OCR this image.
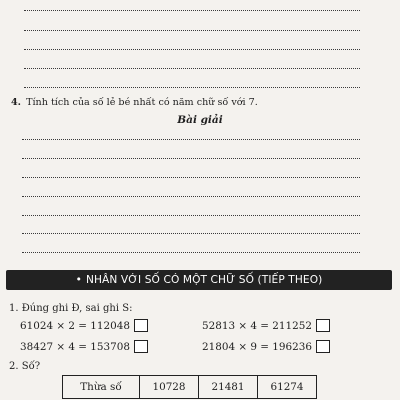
4. Tính tích của số lẻ bé nhất có năm chữ số với 7.
Bài giải
• NHÂN VỚI SỐ CÓ MỘT CHỮ SỐ (TIẾP THEO)
1. Đúng ghi Đ, sai ghi S:
61024 × 2 = 112048	52813 × 4 = 211252
38427 × 4 = 153708	21804 × 9 = 196236
2. Số?
Thừa số	10728	21481	61274
